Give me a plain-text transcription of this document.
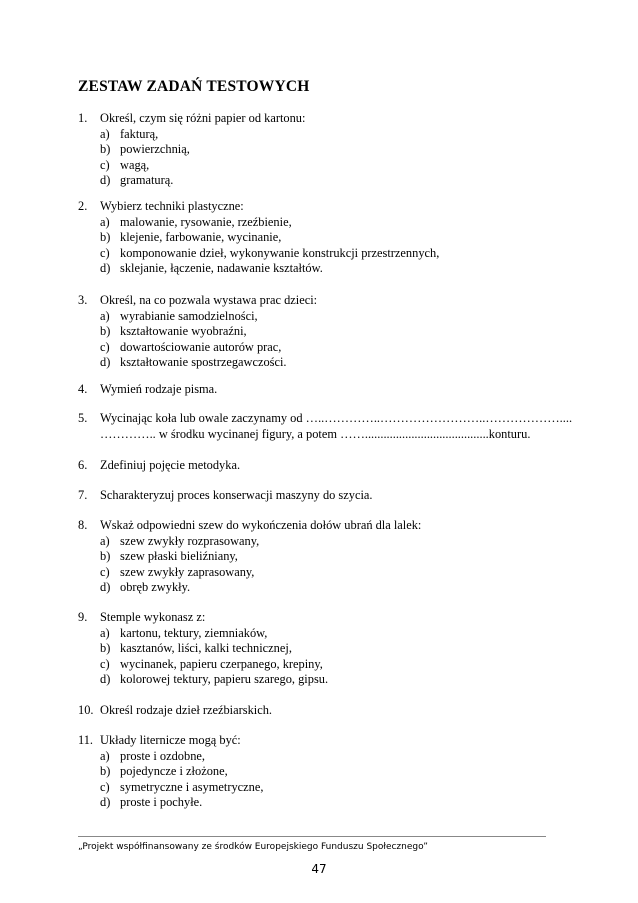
ZESTAW ZADAŃ TESTOWYCH
1.	Określ, czym się różni papier od kartonu:
a) fakturą,
b) powierzchnią,
c) wagą,
d) gramaturą.
2.	Wybierz techniki plastyczne:
a) malowanie, rysowanie, rzeźbienie,
b) klejenie, farbowanie, wycinanie,
c) komponowanie dzieł, wykonywanie konstrukcji przestrzennych,
d) sklejanie, łączenie, nadawanie kształtów.
3.	Określ, na co pozwala wystawa prac dzieci:
a) wyrabianie samodzielności,
b) kształtowanie wyobraźni,
c) dowartościowanie autorów prac,
d) kształtowanie spostrzegawczości.
4.	Wymień rodzaje pisma.
5.	Wycinając koła lub owale zaczynamy od …..…………..……………………..………………....
………….. w środku wycinanej figury, a potem ……........................................konturu.
6.	Zdefiniuj pojęcie metodyka.
7.	Scharakteryzuj proces konserwacji maszyny do szycia.
8.	Wskaż odpowiedni szew do wykończenia dołów ubrań dla lalek:
a) szew zwykły rozprasowany,
b) szew płaski bieliźniany,
c) szew zwykły zaprasowany,
d) obręb zwykły.
9.	Stemple wykonasz z:
a) kartonu, tektury, ziemniaków,
b) kasztanów, liści, kalki technicznej,
c) wycinanek, papieru czerpanego, krepiny,
d) kolorowej tektury, papieru szarego, gipsu.
10. Określ rodzaje dzieł rzeźbiarskich.
11. Układy liternicze mogą być:
a) proste i ozdobne,
b) pojedyncze i złożone,
c) symetryczne i asymetryczne,
d) proste i pochyłe.
„Projekt współfinansowany ze środków Europejskiego Funduszu Społecznego”
47
